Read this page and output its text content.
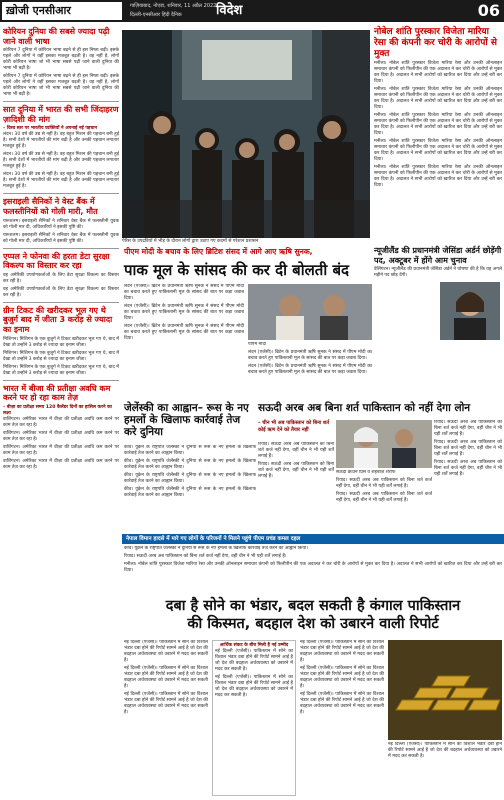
ख़ोजी एनसीआर	गाज़ियाबाद, नोएडा, शनिवार, 11 अप्रैल 2022
दिल्ली-एनसीआर हिंदी दैनिक	विदेश	06
कोरियन दुनिया की सबसे ज्यादा पढ़ी जाने वाली भाषा

कोरियन 7 दुनिया में कोरियन भाषा बढ़ने से ही इस निष्‍ता बढ़ी। इसके पहले और लोगों ने वहीं इसका मजबूत बढ़ती है। वह नहीं है, लोगों कोरी कोरियन भाषा जो भी भाषा सबसे पढ़ी जाने वाली दुनिया की भाषा भी बढ़ी है।

कोरियन 7 दुनिया में कोरियन भाषा बढ़ने से ही इस निष्‍ता बढ़ी। इसके पहले और लोगों ने वहीं इसका मजबूत बढ़ती है। वह नहीं है, लोगों कोरी कोरियन भाषा जो भी भाषा सबसे पढ़ी जाने वाली दुनिया की भाषा भी बढ़ी है।

सात दुनिया में भारत की सभी जिंदाहरण ज़ादिशी की मांग
– विश्व स्तर पर भारतीय व्यक्तियों ने अपनाई नई पहचान

लंदन। 30 वर्ष की उम्र से नहीं है। वह बहुत मिशन की पहचान बनी हुई है। सभी देशों में भारतीयों की मांग बढ़ी है और उनकी पहचान लगातार मजबूत हुई है।

लंदन। 30 वर्ष की उम्र से नहीं है। वह बहुत मिशन की पहचान बनी हुई है। सभी देशों में भारतीयों की मांग बढ़ी है और उनकी पहचान लगातार मजबूत हुई है।

लंदन। 30 वर्ष की उम्र से नहीं है। वह बहुत मिशन की पहचान बनी हुई है। सभी देशों में भारतीयों की मांग बढ़ी है और उनकी पहचान लगातार मजबूत हुई है।

इसराइली सैनिकों ने वेस्ट बैंक में फलस्तीनियों को गोली मारी, मौत

यरूशलम। इसराइली सैनिकों ने शनिवार वेस्ट बैंक में फलस्तीनी युवक को गोली मार दी, अधिकारियों ने इसकी पुष्टि की।

यरूशलम। इसराइली सैनिकों ने शनिवार वेस्ट बैंक में फलस्तीनी युवक को गोली मार दी, अधिकारियों ने इसकी पुष्टि की।

एप्पल ने फोनवा की हरता डेटा सुरक्षा विकल्प का विस्तार कर रहा

वह अमेरिकी उपयोगकर्ताओं के लिए डेटा सुरक्षा विकल्प का विस्तार कर रही है।

वह अमेरिकी उपयोगकर्ताओं के लिए डेटा सुरक्षा विकल्प का विस्तार कर रही है।

ग्रीन टिकट की खरीदकर भूल गए थे बुजुर्ग बाद में जीता 3 करोड़ से ज्यादा का इनाम

मिशिगन। मिशिगन के एक बुजुर्ग ने टिकट खरीदकर भूल गए थे, बाद में देखा तो उन्होंने 3 करोड़ से ज्यादा का इनाम जीता।

मिशिगन। मिशिगन के एक बुजुर्ग ने टिकट खरीदकर भूल गए थे, बाद में देखा तो उन्होंने 3 करोड़ से ज्यादा का इनाम जीता।

मिशिगन। मिशिगन के एक बुजुर्ग ने टिकट खरीदकर भूल गए थे, बाद में देखा तो उन्होंने 3 करोड़ से ज्यादा का इनाम जीता।

भारत में बीजा की प्रतीक्षा अवधि कम करने पर हो रहा काम तेज़
– बीज़ा का प्रतीक्षा समय 120 कैलेंडर दिनों का हासिल करने का लक्ष्य

वाशिंगटन। अमेरिका भारत में वीज़ा की प्रतीक्षा अवधि कम करने पर काम तेज़ कर रहा है।

वाशिंगटन। अमेरिका भारत में वीज़ा की प्रतीक्षा अवधि कम करने पर काम तेज़ कर रहा है।

वाशिंगटन। अमेरिका भारत में वीज़ा की प्रतीक्षा अवधि कम करने पर काम तेज़ कर रहा है।

वाशिंगटन। अमेरिका भारत में वीज़ा की प्रतीक्षा अवधि कम करने पर काम तेज़ कर रहा है।

पेरिस के उपद्रवियों में भीड़ के दौरान लोगों द्वारा उठाए गए कदमों से परेशान प्रशासन
नोबेल शांति पुरस्कार विजेता मारिया रेसा की कंपनी कर चोरी के आरोपों से मुक्त

मनीला। नोबेल शांति पुरस्कार विजेता मारिया रेसा और उनकी ऑनलाइन समाचार कंपनी को फिलीपीन की एक अदालत ने कर चोरी के आरोपों से मुक्त कर दिया है। अदालत ने सभी आरोपों को खारिज कर दिया और उन्हें बरी कर दिया।

मनीला। नोबेल शांति पुरस्कार विजेता मारिया रेसा और उनकी ऑनलाइन समाचार कंपनी को फिलीपीन की एक अदालत ने कर चोरी के आरोपों से मुक्त कर दिया है। अदालत ने सभी आरोपों को खारिज कर दिया और उन्हें बरी कर दिया।

मनीला। नोबेल शांति पुरस्कार विजेता मारिया रेसा और उनकी ऑनलाइन समाचार कंपनी को फिलीपीन की एक अदालत ने कर चोरी के आरोपों से मुक्त कर दिया है। अदालत ने सभी आरोपों को खारिज कर दिया और उन्हें बरी कर दिया।

मनीला। नोबेल शांति पुरस्कार विजेता मारिया रेसा और उनकी ऑनलाइन समाचार कंपनी को फिलीपीन की एक अदालत ने कर चोरी के आरोपों से मुक्त कर दिया है। अदालत ने सभी आरोपों को खारिज कर दिया और उन्हें बरी कर दिया।

मनीला। नोबेल शांति पुरस्कार विजेता मारिया रेसा और उनकी ऑनलाइन समाचार कंपनी को फिलीपीन की एक अदालत ने कर चोरी के आरोपों से मुक्त कर दिया है। अदालत ने सभी आरोपों को खारिज कर दिया और उन्हें बरी कर दिया।

पीएम मोदी के बचाव के लिए ब्रिटिश संसद में आगे आए ऋषि सुनक,
पाक मूल के सांसद की कर दी बोलती बंद

लंदन (एजेंसी)। ब्रिटेन के प्रधानमंत्री ऋषि सुनक ने संसद में पीएम मोदी का बचाव करते हुए पाकिस्तानी मूल के सांसद की बात पर कड़ा जवाब दिया।

लंदन (एजेंसी)। ब्रिटेन के प्रधानमंत्री ऋषि सुनक ने संसद में पीएम मोदी का बचाव करते हुए पाकिस्तानी मूल के सांसद की बात पर कड़ा जवाब दिया।

लंदन (एजेंसी)। ब्रिटेन के प्रधानमंत्री ऋषि सुनक ने संसद में पीएम मोदी का बचाव करते हुए पाकिस्तानी मूल के सांसद की बात पर कड़ा जवाब दिया।

पीएम मोदी

लंदन (एजेंसी)। ब्रिटेन के प्रधानमंत्री ऋषि सुनक ने संसद में पीएम मोदी का बचाव करते हुए पाकिस्तानी मूल के सांसद की बात पर कड़ा जवाब दिया।

लंदन (एजेंसी)। ब्रिटेन के प्रधानमंत्री ऋषि सुनक ने संसद में पीएम मोदी का बचाव करते हुए पाकिस्तानी मूल के सांसद की बात पर कड़ा जवाब दिया।

न्यूजीलैंड की प्रधानमंत्री जेसिंडा अर्डर्न छोड़ेंगी पद, अक्टूबर में होंगे आम चुनाव

वेलिंगटन। न्यूजीलैंड की प्रधानमंत्री जेसिंडा अर्डर्न ने घोषणा की है कि वह अगले महीने पद छोड़ देंगी।

जेलेंस्की का आह्वान– रूस के नए हमलों के खिलाफ कार्रवाई तेज करे दुनिया

कीव। यूक्रेन के राष्ट्रपति जेलेंस्की ने दुनिया से रूस के नए हमलों के खिलाफ कार्रवाई तेज करने का आह्वान किया।

कीव। यूक्रेन के राष्ट्रपति जेलेंस्की ने दुनिया से रूस के नए हमलों के खिलाफ कार्रवाई तेज करने का आह्वान किया।

कीव। यूक्रेन के राष्ट्रपति जेलेंस्की ने दुनिया से रूस के नए हमलों के खिलाफ कार्रवाई तेज करने का आह्वान किया।

कीव। यूक्रेन के राष्ट्रपति जेलेंस्की ने दुनिया से रूस के नए हमलों के खिलाफ कार्रवाई तेज करने का आह्वान किया।

सऊदी अरब अब बिना शर्त पाकिस्तान को नहीं देगा लोन
– चीन भी अब पाकिस्तान को बिना शर्त कोई ऋण देने को तैयार नहीं

रियाद। सऊदी अरब अब पाकिस्तान को बिना शर्त कर्ज नहीं देगा, वहीं चीन ने भी यही शर्तें लगाई हैं।

रियाद। सऊदी अरब अब पाकिस्तान को बिना शर्त कर्ज नहीं देगा, वहीं चीन ने भी यही शर्तें लगाई हैं।

सऊदी क्राउन प्रिंस व शहबाज़ शरीफ

रियाद। सऊदी अरब अब पाकिस्तान को बिना शर्त कर्ज नहीं देगा, वहीं चीन ने भी यही शर्तें लगाई हैं।

रियाद। सऊदी अरब अब पाकिस्तान को बिना शर्त कर्ज नहीं देगा, वहीं चीन ने भी यही शर्तें लगाई हैं।

रियाद। सऊदी अरब अब पाकिस्तान को बिना शर्त कर्ज नहीं देगा, वहीं चीन ने भी यही शर्तें लगाई हैं।

रियाद। सऊदी अरब अब पाकिस्तान को बिना शर्त कर्ज नहीं देगा, वहीं चीन ने भी यही शर्तें लगाई हैं।

रियाद। सऊदी अरब अब पाकिस्तान को बिना शर्त कर्ज नहीं देगा, वहीं चीन ने भी यही शर्तें लगाई हैं।

नेपाल विमान हादसे में मारे गए लोगों के परिजनों ने मिलने पहुंचे पीएम प्रचंड कमल दहल

कीव। यूक्रेन के राष्ट्रपति जेलेंस्की ने दुनिया से रूस के नए हमलों के खिलाफ कार्रवाई तेज करने का आह्वान किया।

रियाद। सऊदी अरब अब पाकिस्तान को बिना शर्त कर्ज नहीं देगा, वहीं चीन ने भी यही शर्तें लगाई हैं।

मनीला। नोबेल शांति पुरस्कार विजेता मारिया रेसा और उनकी ऑनलाइन समाचार कंपनी को फिलीपीन की एक अदालत ने कर चोरी के आरोपों से मुक्त कर दिया है। अदालत ने सभी आरोपों को खारिज कर दिया और उन्हें बरी कर दिया।

दबा है सोने का भंडार, बदल सकती है कंगाल पाकिस्तान
की किस्मत, बदहाल देश को उबारने वाली रिपोर्ट

नई दिल्ली (एजेंसी)। पाकिस्तान में सोने का विशाल भंडार दबा होने की रिपोर्ट सामने आई है जो देश की बदहाल अर्थव्यवस्था को उबारने में मदद कर सकती है।

नई दिल्ली (एजेंसी)। पाकिस्तान में सोने का विशाल भंडार दबा होने की रिपोर्ट सामने आई है जो देश की बदहाल अर्थव्यवस्था को उबारने में मदद कर सकती है।

नई दिल्ली (एजेंसी)। पाकिस्तान में सोने का विशाल भंडार दबा होने की रिपोर्ट सामने आई है जो देश की बदहाल अर्थव्यवस्था को उबारने में मदद कर सकती है।

आर्थिक संकट के बीच मिली है नई उम्मीद

नई दिल्ली (एजेंसी)। पाकिस्तान में सोने का विशाल भंडार दबा होने की रिपोर्ट सामने आई है जो देश की बदहाल अर्थव्यवस्था को उबारने में मदद कर सकती है।

नई दिल्ली (एजेंसी)। पाकिस्तान में सोने का विशाल भंडार दबा होने की रिपोर्ट सामने आई है जो देश की बदहाल अर्थव्यवस्था को उबारने में मदद कर सकती है।

नई दिल्ली (एजेंसी)। पाकिस्तान में सोने का विशाल भंडार दबा होने की रिपोर्ट सामने आई है जो देश की बदहाल अर्थव्यवस्था को उबारने में मदद कर सकती है।

नई दिल्ली (एजेंसी)। पाकिस्तान में सोने का विशाल भंडार दबा होने की रिपोर्ट सामने आई है जो देश की बदहाल अर्थव्यवस्था को उबारने में मदद कर सकती है।

नई दिल्ली (एजेंसी)। पाकिस्तान में सोने का विशाल भंडार दबा होने की रिपोर्ट सामने आई है जो देश की बदहाल अर्थव्यवस्था को उबारने में मदद कर सकती है।

नई दिल्ली (एजेंसी)। पाकिस्तान में सोने का विशाल भंडार दबा होने की रिपोर्ट सामने आई है जो देश की बदहाल अर्थव्यवस्था को उबारने में मदद कर सकती है।
